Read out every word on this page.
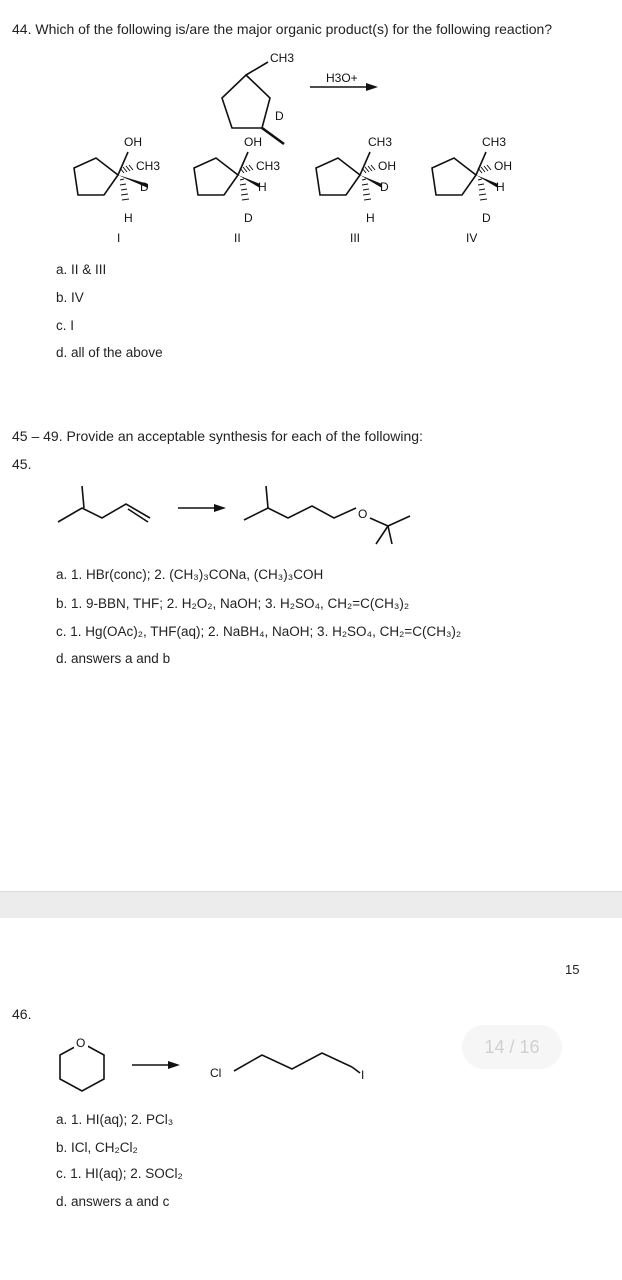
44. Which of the following is/are the major organic product(s) for the following reaction?
CH3
D
H3O+
OH
CH3
D
H
I
OH
CH3
H
D
II
CH3
OH
D
H
III
CH3
OH
H
D
IV
a. II & III
b. IV
c. I
d. all of the above
45 – 49. Provide an acceptable synthesis for each of the following:
45.
O
a. 1. HBr(conc); 2. (CH₃)₃CONa, (CH₃)₃COH
b. 1. 9-BBN, THF; 2. H₂O₂, NaOH; 3. H₂SO₄, CH₂=C(CH₃)₂
c. 1. Hg(OAc)₂, THF(aq); 2. NaBH₄, NaOH; 3. H₂SO₄, CH₂=C(CH₃)₂
d. answers a and b
15
46.
14 / 16
O
Cl	I
a. 1. HI(aq); 2. PCl₃
b. ICl, CH₂Cl₂
c. 1. HI(aq); 2. SOCl₂
d. answers a and c
